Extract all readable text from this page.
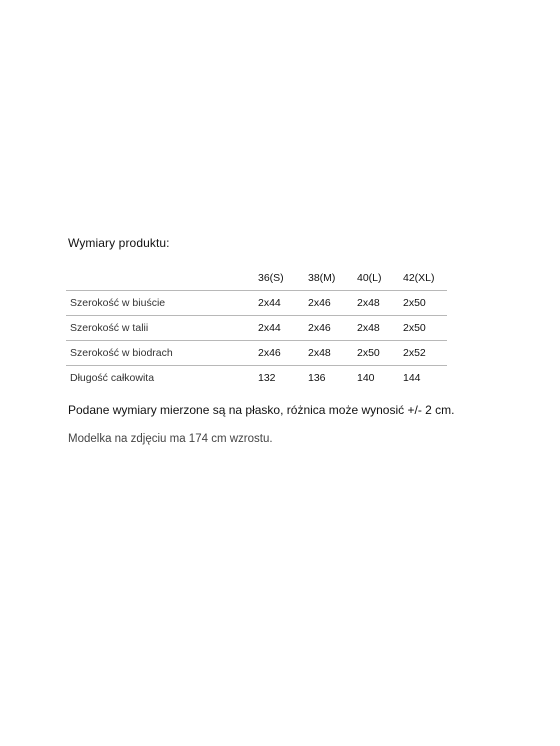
Wymiary produktu:
	36(S)	38(M)	40(L)	42(XL)
Szerokość w biuście	2x44	2x46	2x48	2x50
Szerokość w talii	2x44	2x46	2x48	2x50
Szerokość w biodrach	2x46	2x48	2x50	2x52
Długość całkowita	132	136	140	144
Podane wymiary mierzone są na płasko, różnica może wynosić +/- 2 cm.
Modelka na zdjęciu ma 174 cm wzrostu.
